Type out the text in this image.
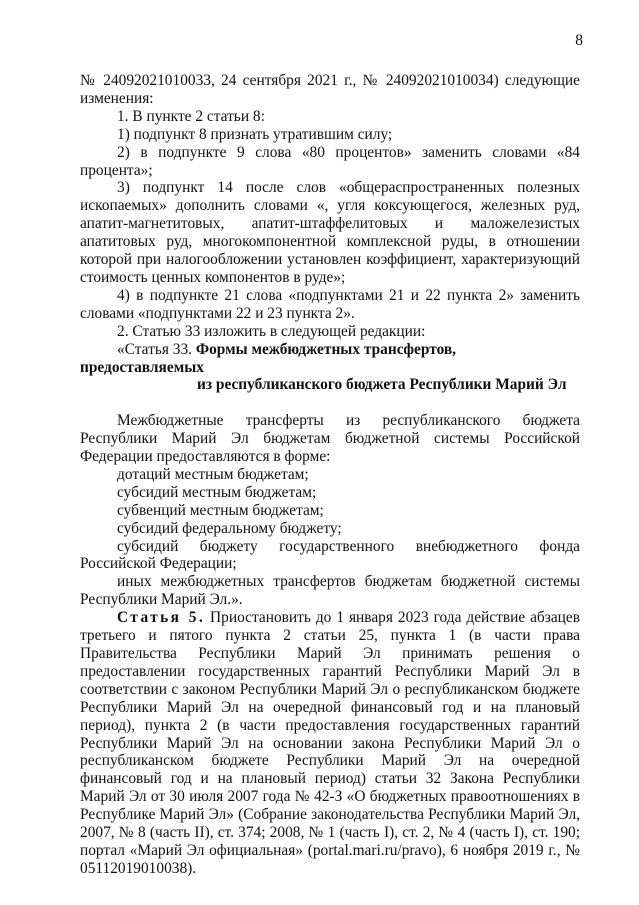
8

№ 24092021010033, 24 сентября 2021 г., № 24092021010034) следующие изменения:

1. В пункте 2 статьи 8:

1) подпункт 8 признать утратившим силу;

2) в подпункте 9 слова «80 процентов» заменить словами «84 процента»;

3) подпункт 14 после слов «общераспространенных полезных ископаемых» дополнить словами «, угля коксующегося, железных руд, апатит-магнетитовых, апатит-штаффелитовых и маложелезистых апатитовых руд, многокомпонентной комплексной руды, в отношении которой при налогообложении установлен коэффициент, характеризующий стоимость ценных компонентов в руде»;

4) в подпункте 21 слова «подпунктами 21 и 22 пункта 2» заменить словами «подпунктами 22 и 23 пункта 2».

2. Статью 33 изложить в следующей редакции:

«Статья 33. Формы межбюджетных трансфертов, предоставляемых
из республиканского бюджета Республики Марий Эл

Межбюджетные трансферты из республиканского бюджета Республики Марий Эл бюджетам бюджетной системы Российской Федерации предоставляются в форме:

дотаций местным бюджетам;

субсидий местным бюджетам;

субвенций местным бюджетам;

субсидий федеральному бюджету;

субсидий бюджету государственного внебюджетного фонда Российской Федерации;

иных межбюджетных трансфертов бюджетам бюджетной системы Республики Марий Эл.».

Статья 5. Приостановить до 1 января 2023 года действие абзацев третьего и пятого пункта 2 статьи 25, пункта 1 (в части права Правительства Республики Марий Эл принимать решения о предоставлении государственных гарантий Республики Марий Эл в соответствии с законом Республики Марий Эл о республиканском бюджете Республики Марий Эл на очередной финансовый год и на плановый период), пункта 2 (в части предоставления государственных гарантий Республики Марий Эл на основании закона Республики Марий Эл о республиканском бюджете Республики Марий Эл на очередной финансовый год и на плановый период) статьи 32 Закона Республики Марий Эл от 30 июля 2007 года № 42-З «О бюджетных правоотношениях в Республике Марий Эл» (Собрание законодательства Республики Марий Эл, 2007, № 8 (часть II), ст. 374; 2008, № 1 (часть I), ст. 2, № 4 (часть I), ст. 190; портал «Марий Эл официальная» (portal.mari.ru/pravo), 6 ноября 2019 г., № 05112019010038).
